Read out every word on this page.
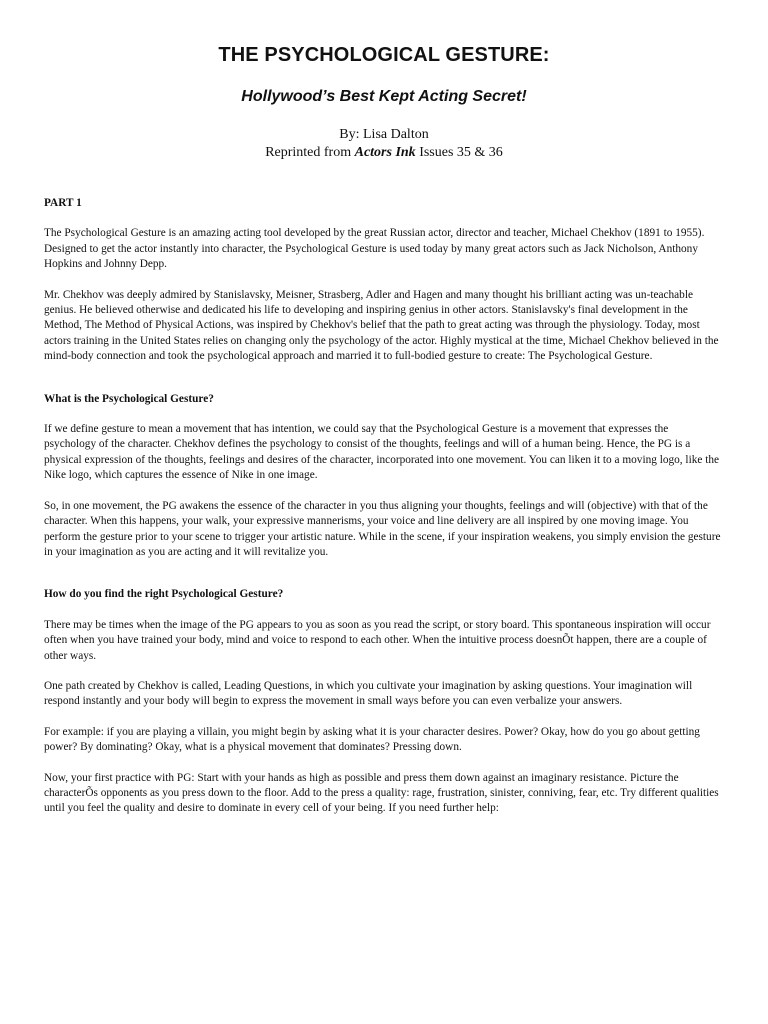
THE PSYCHOLOGICAL GESTURE:
Hollywood’s Best Kept Acting Secret!
By: Lisa Dalton
Reprinted from Actors Ink Issues 35 & 36
PART 1

The Psychological Gesture is an amazing acting tool developed by the great Russian actor, director and teacher, Michael Chekhov (1891 to 1955). Designed to get the actor instantly into character, the Psychological Gesture is used today by many great actors such as Jack Nicholson, Anthony Hopkins and Johnny Depp.

Mr. Chekhov was deeply admired by Stanislavsky, Meisner, Strasberg, Adler and Hagen and many thought his brilliant acting was un-teachable genius. He believed otherwise and dedicated his life to developing and inspiring genius in other actors. Stanislavsky's final development in the Method, The Method of Physical Actions, was inspired by Chekhov's belief that the path to great acting was through the physiology. Today, most actors training in the United States relies on changing only the psychology of the actor. Highly mystical at the time, Michael Chekhov believed in the mind-body connection and took the psychological approach and married it to full-bodied gesture to create: The Psychological Gesture.

What is the Psychological Gesture?

If we define gesture to mean a movement that has intention, we could say that the Psychological Gesture is a movement that expresses the psychology of the character. Chekhov defines the psychology to consist of the thoughts, feelings and will of a human being. Hence, the PG is a physical expression of the thoughts, feelings and desires of the character, incorporated into one movement. You can liken it to a moving logo, like the Nike logo, which captures the essence of Nike in one image.

So, in one movement, the PG awakens the essence of the character in you thus aligning your thoughts, feelings and will (objective) with that of the character. When this happens, your walk, your expressive mannerisms, your voice and line delivery are all inspired by one moving image. You perform the gesture prior to your scene to trigger your artistic nature. While in the scene, if your inspiration weakens, you simply envision the gesture in your imagination as you are acting and it will revitalize you.

How do you find the right Psychological Gesture?

There may be times when the image of the PG appears to you as soon as you read the script, or story board. This spontaneous inspiration will occur often when you have trained your body, mind and voice to respond to each other. When the intuitive process doesnÕt happen, there are a couple of other ways.

One path created by Chekhov is called, Leading Questions, in which you cultivate your imagination by asking questions. Your imagination will respond instantly and your body will begin to express the movement in small ways before you can even verbalize your answers.

For example: if you are playing a villain, you might begin by asking what it is your character desires. Power? Okay, how do you go about getting power? By dominating? Okay, what is a physical movement that dominates? Pressing down.

Now, your first practice with PG: Start with your hands as high as possible and press them down against an imaginary resistance. Picture the characterÕs opponents as you press down to the floor. Add to the press a quality: rage, frustration, sinister, conniving, fear, etc. Try different qualities until you feel the quality and desire to dominate in every cell of your being. If you need further help:
